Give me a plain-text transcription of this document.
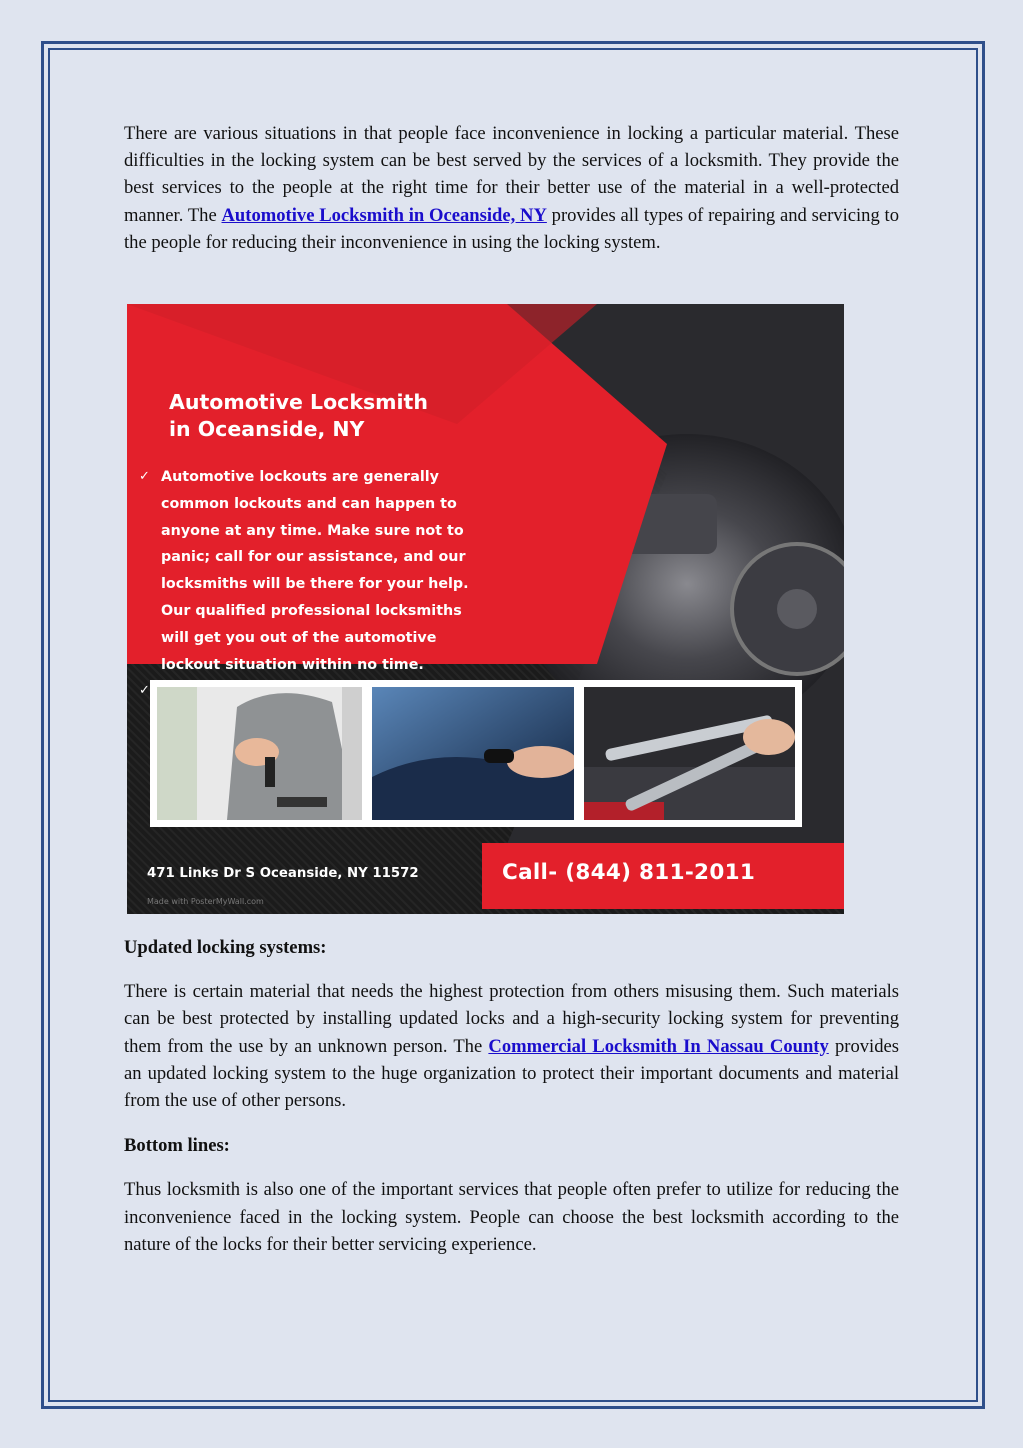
There are various situations in that people face inconvenience in locking a particular material. These difficulties in the locking system can be best served by the services of a locksmith. They provide the best services to the people at the right time for their better use of the material in a well-protected manner. The Automotive Locksmith in Oceanside, NY provides all types of repairing and servicing to the people for reducing their inconvenience in using the locking system.

Automotive Locksmith
in Oceanside, NY
✓ Automotive lockouts are generally
common lockouts and can happen to
anyone at any time. Make sure not to
panic; call for our assistance, and our
locksmiths will be there for your help.
Our qualified professional locksmiths
will get you out of the automotive
lockout situation within no time.
✓
471 Links Dr S Oceanside, NY 11572
Made with PosterMyWall.com
Call- (844) 811-2011

Updated locking systems:

There is certain material that needs the highest protection from others misusing them. Such materials can be best protected by installing updated locks and a high-security locking system for preventing them from the use by an unknown person. The Commercial Locksmith In Nassau County provides an updated locking system to the huge organization to protect their important documents and material from the use of other persons.

Bottom lines:

Thus locksmith is also one of the important services that people often prefer to utilize for reducing the inconvenience faced in the locking system. People can choose the best locksmith according to the nature of the locks for their better servicing experience.
